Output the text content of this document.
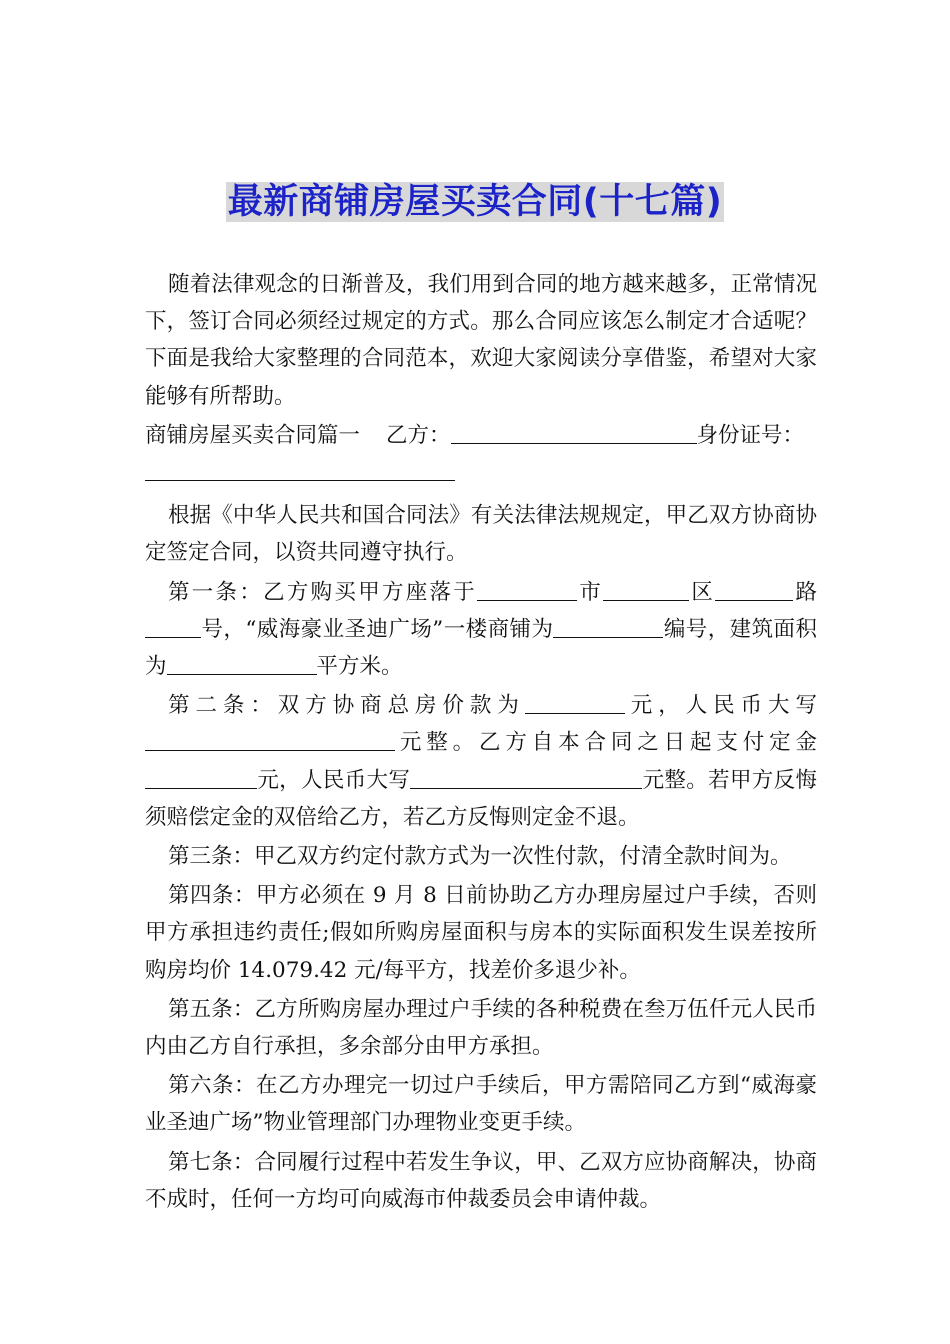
最新商铺房屋买卖合同(十七篇)

随着法律观念的日渐普及，我们用到合同的地方越来越多，正常情况下，签订合同必须经过规定的方式。那么合同应该怎么制定才合适呢？下面是我给大家整理的合同范本，欢迎大家阅读分享借鉴，希望对大家能够有所帮助。

商铺房屋买卖合同篇一 乙方：	身份证号：

根据《中华人民共和国合同法》有关法律法规规定，甲乙双方协商协定签定合同，以资共同遵守执行。

第一条：乙方购买甲方座落于	市	区	路号，“威海豪业圣迪广场”一楼商铺为	编号，建筑面积为	平方米。

第二条：双方协商总房价款为	元，人民币大写元整。乙方自本合同之日起支付定金元，人民币大写	元整。若甲方反悔须赔偿定金的双倍给乙方，若乙方反悔则定金不退。

第三条：甲乙双方约定付款方式为一次性付款，付清全款时间为。

第四条：甲方必须在 9 月 8 日前协助乙方办理房屋过户手续，否则甲方承担违约责任;假如所购房屋面积与房本的实际面积发生误差按所购房均价 14.079.42 元/每平方，找差价多退少补。

第五条：乙方所购房屋办理过户手续的各种税费在叁万伍仟元人民币内由乙方自行承担，多余部分由甲方承担。

第六条：在乙方办理完一切过户手续后，甲方需陪同乙方到“威海豪业圣迪广场”物业管理部门办理物业变更手续。

第七条：合同履行过程中若发生争议，甲、乙双方应协商解决，协商不成时，任何一方均可向威海市仲裁委员会申请仲裁。
